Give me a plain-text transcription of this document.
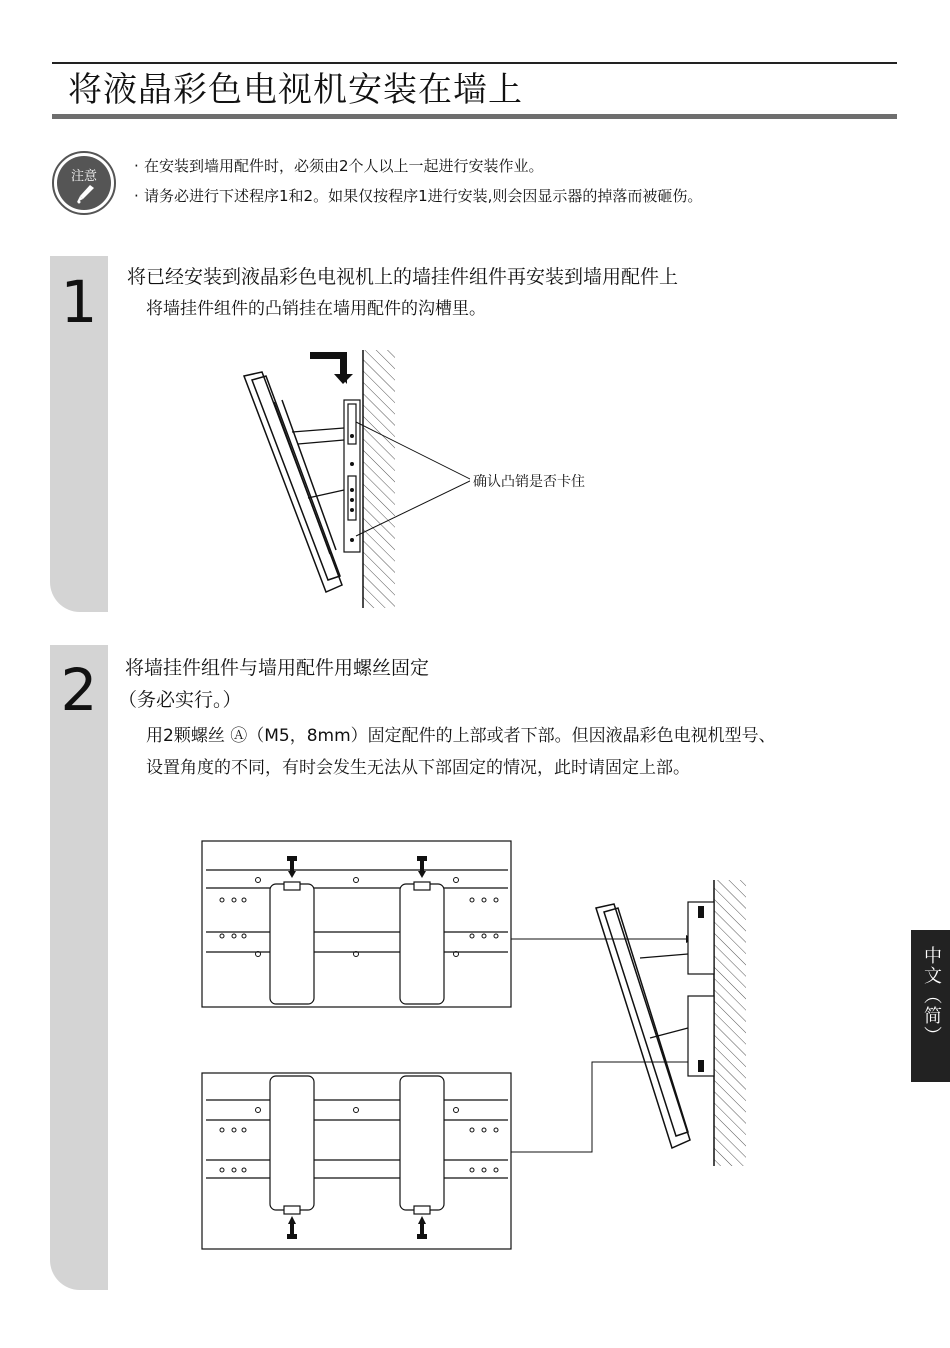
将液晶彩色电视机安装在墙上
注意
· 在安装到墙用配件时，必须由2个人以上一起进行安装作业。
· 请务必进行下述程序1和2。如果仅按程序1进行安装,则会因显示器的掉落而被砸伤。
1	将已经安装到液晶彩色电视机上的墙挂件组件再安装到墙用配件上
将墙挂件组件的凸销挂在墙用配件的沟槽里。
确认凸销是否卡住
2	将墙挂件组件与墙用配件用螺丝固定
（务必实行。）
用2颗螺丝 Ⓐ（M5，8mm）固定配件的上部或者下部。但因液晶彩色电视机型号、
设置角度的不同，有时会发生无法从下部固定的情况，此时请固定上部。
中文（简）
